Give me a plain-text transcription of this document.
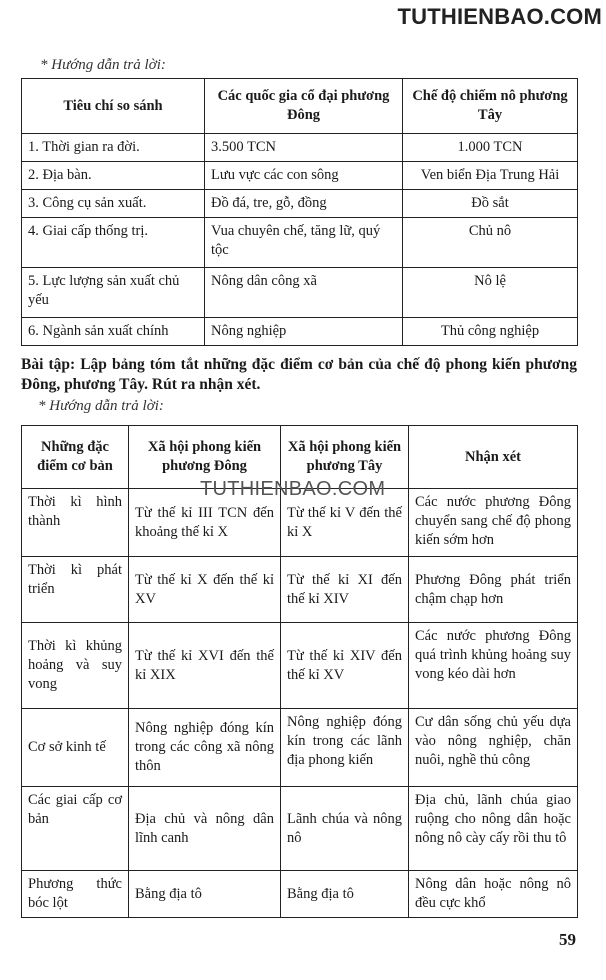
TUTHIENBAO.COM
* Hướng dẫn trả lời:
Tiêu chí so sánh	Các quốc gia cổ đại phương Đông	Chế độ chiếm nô phương Tây
1. Thời gian ra đời.	3.500 TCN	1.000 TCN
2. Địa bàn.	Lưu vực các con sông	Ven biển Địa Trung Hải
3. Công cụ sản xuất.	Đồ đá, tre, gỗ, đồng	Đồ sắt
4. Giai cấp thống trị.	Vua chuyên chế, tăng lữ, quý tộc	Chủ nô
5. Lực lượng sản xuất chủ yếu	Nông dân công xã	Nô lệ
6. Ngành sản xuất chính	Nông nghiệp	Thủ công nghiệp
Bài tập: Lập bảng tóm tắt những đặc điểm cơ bản của chế độ phong kiến phương Đông, phương Tây. Rút ra nhận xét.
* Hướng dẫn trả lời:
Những đặc điểm cơ bản	Xã hội phong kiến phương Đông	Xã hội phong kiến phương Tây	Nhận xét
Thời kì hình thành	Từ thế kỉ III TCN đến khoảng thế kỉ X	Từ thế kỉ V đến thế kỉ X	Các nước phương Đông chuyển sang chế độ phong kiến sớm hơn
Thời kì phát triển	Từ thế kỉ X đến thế kỉ XV	Từ thế kỉ XI đến thế kỉ XIV	Phương Đông phát triển chậm chạp hơn
Thời kì khủng hoảng và suy vong	Từ thế kỉ XVI đến thế kỉ XIX	Từ thế kỉ XIV đến thế kỉ XV	Các nước phương Đông quá trình khủng hoảng suy vong kéo dài hơn
Cơ sở kinh tế	Nông nghiệp đóng kín trong các công xã nông thôn	Nông nghiệp đóng kín trong các lãnh địa phong kiến	Cư dân sống chủ yếu dựa vào nông nghiệp, chăn nuôi, nghề thủ công
Các giai cấp cơ bản	Địa chủ và nông dân lĩnh canh	Lãnh chúa và nông nô	Địa chủ, lãnh chúa giao ruộng cho nông dân hoặc nông nô cày cấy rồi thu tô
Phương thức bóc lột	Bằng địa tô	Bằng địa tô	Nông dân hoặc nông nô đều cực khổ
TUTHIENBAO.COM
59
